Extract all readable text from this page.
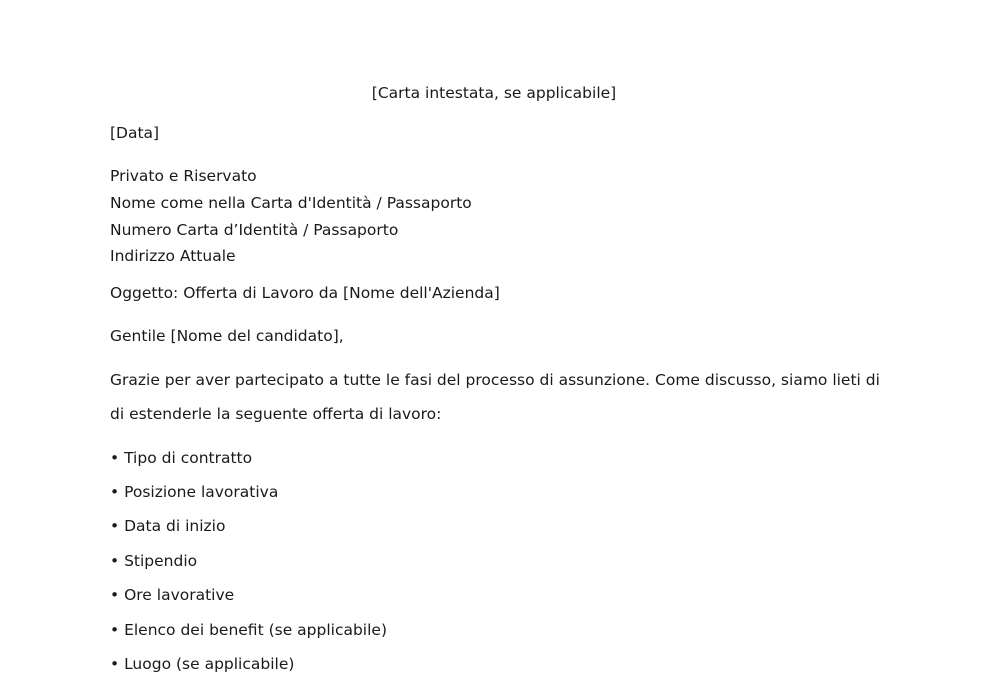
[Carta intestata, se applicabile]
[Data]
Privato e Riservato
Nome come nella Carta d'Identità / Passaporto
Numero Carta d’Identità / Passaporto
Indirizzo Attuale
Oggetto: Offerta di Lavoro da [Nome dell'Azienda]
Gentile [Nome del candidato],
Grazie per aver partecipato a tutte le fasi del processo di assunzione. Come discusso, siamo lieti di
di estenderle la seguente offerta di lavoro:
• Tipo di contratto
• Posizione lavorativa
• Data di inizio
• Stipendio
• Ore lavorative
• Elenco dei benefit (se applicabile)
• Luogo (se applicabile)
